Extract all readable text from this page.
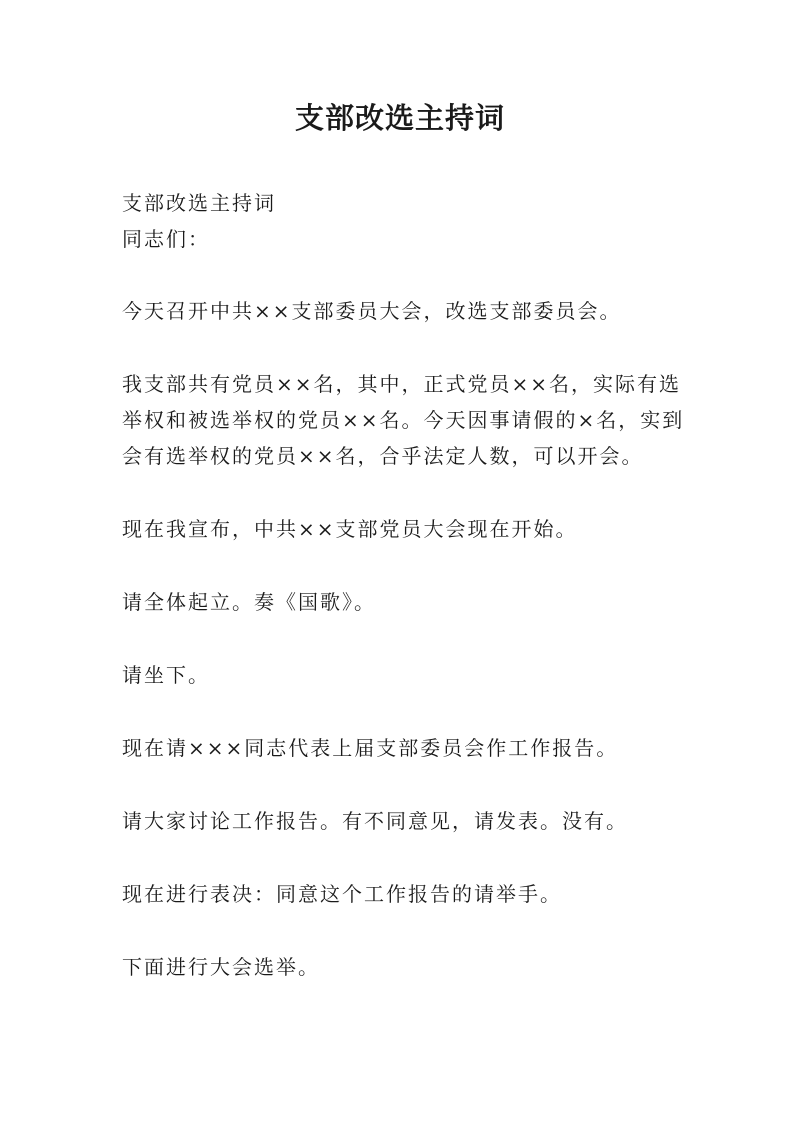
支部改选主持词

支部改选主持词

同志们：

今天召开中共××支部委员大会，改选支部委员会。

我支部共有党员××名，其中，正式党员××名，实际有选举权和被选举权的党员××名。今天因事请假的×名，实到会有选举权的党员××名，合乎法定人数，可以开会。

现在我宣布，中共××支部党员大会现在开始。

请全体起立。奏《国歌》。

请坐下。

现在请×××同志代表上届支部委员会作工作报告。

请大家讨论工作报告。有不同意见，请发表。没有。

现在进行表决：同意这个工作报告的请举手。

下面进行大会选举。
